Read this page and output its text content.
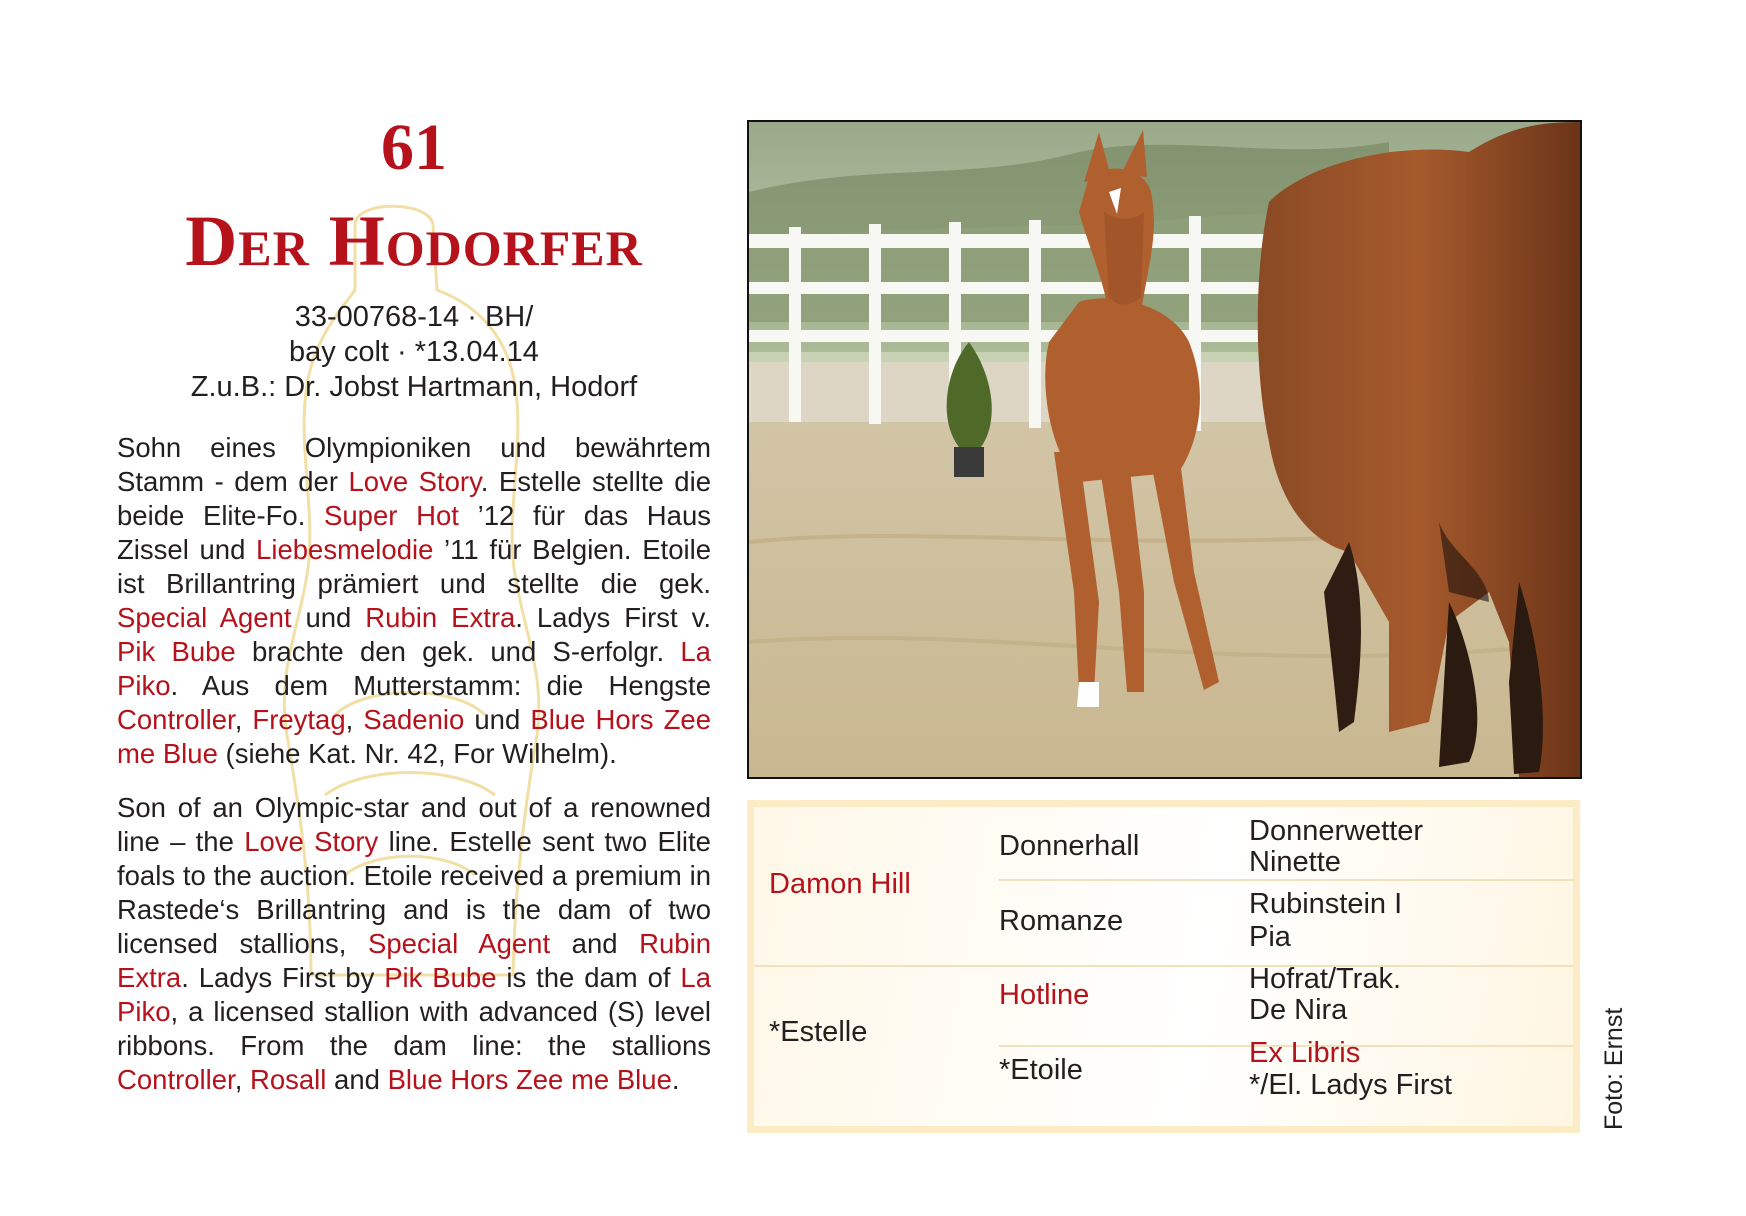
61
Der Hodorfer
33-00768-14 · BH/
bay colt · *13.04.14
Z.u.B.: Dr. Jobst Hartmann, Hodorf

Sohn eines Olympioniken und bewährtem Stamm - dem der Love Story. Estelle stellte die beide Elite-Fo. Super Hot ’12 für das Haus Zissel und Liebesmelodie ’11 für Belgien. Etoile ist Brillantring prämiert und stellte die gek. Special Agent und Rubin Extra. Ladys First v. Pik Bube brachte den gek. und S-erfolgr. La Piko. Aus dem Mutterstamm: die Hengste Controller, Freytag, Sadenio und Blue Hors Zee me Blue (siehe Kat. Nr. 42, For Wilhelm).

Son of an Olympic-star and out of a renowned line – the Love Story line. Estelle sent two Elite foals to the auction. Etoile received a premium in Rastede‘s Brillantring and is the dam of two licensed stallions, Special Agent and Rubin Extra. Ladys First by Pik Bube is the dam of La Piko, a licensed stallion with advanced (S) level ribbons. From the dam line: the stallions Controller, Rosall and Blue Hors Zee me Blue.

Damon Hill
*Estelle
Donnerhall
Romanze
Hotline
*Etoile
Donnerwetter
Ninette
Rubinstein I
Pia
Hofrat/Trak.
De Nira
Ex Libris
*/El. Ladys First	Foto: Ernst
